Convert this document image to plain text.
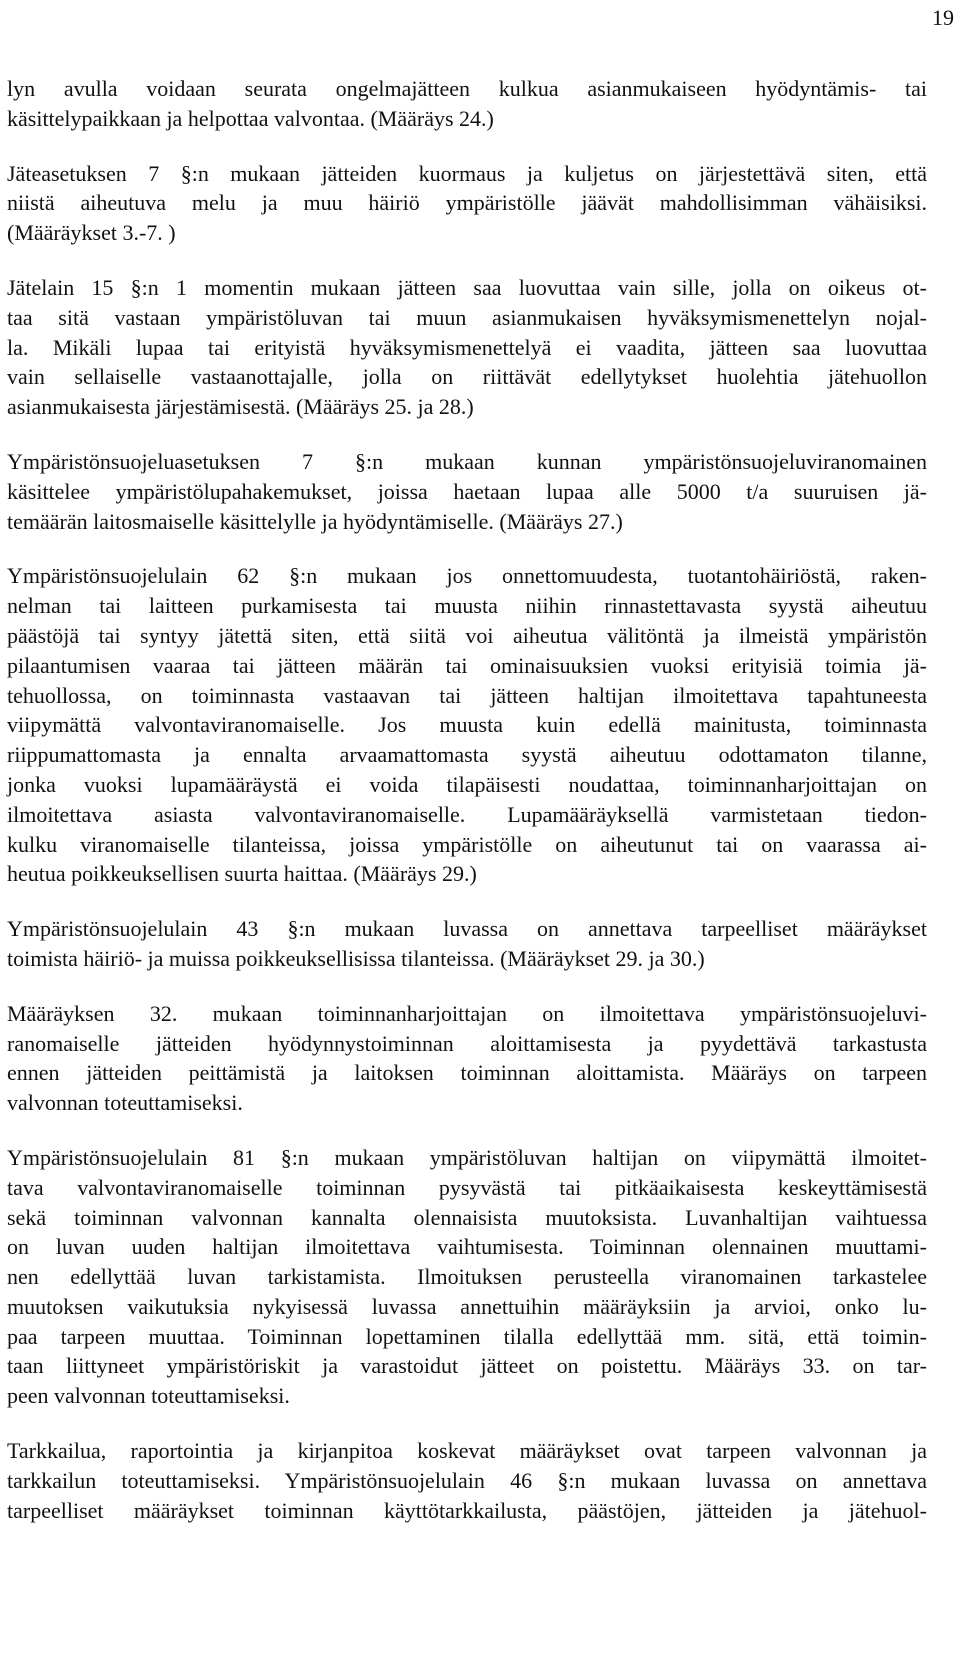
19

lyn avulla voidaan seurata ongelmajätteen kulkua asianmukaiseen hyödyntämis- tai
käsittelypaikkaan ja helpottaa valvontaa. (Määräys 24.)

Jäteasetuksen 7 §:n mukaan jätteiden kuormaus ja kuljetus on järjestettävä siten, että
niistä aiheutuva melu ja muu häiriö ympäristölle jäävät mahdollisimman vähäisiksi.
(Määräykset 3.-7. )

Jätelain 15 §:n 1 momentin mukaan jätteen saa luovuttaa vain sille, jolla on oikeus ot-
taa sitä vastaan ympäristöluvan tai muun asianmukaisen hyväksymismenettelyn nojal-
la. Mikäli lupaa tai erityistä hyväksymismenettelyä ei vaadita, jätteen saa luovuttaa
vain sellaiselle vastaanottajalle, jolla on riittävät edellytykset huolehtia jätehuollon
asianmukaisesta järjestämisestä. (Määräys 25. ja 28.)

Ympäristönsuojeluasetuksen 7 §:n mukaan kunnan ympäristönsuojeluviranomainen
käsittelee ympäristölupahakemukset, joissa haetaan lupaa alle 5000 t/a suuruisen jä-
temäärän laitosmaiselle käsittelylle ja hyödyntämiselle. (Määräys 27.)

Ympäristönsuojelulain 62 §:n mukaan jos onnettomuudesta, tuotantohäiriöstä, raken-
nelman tai laitteen purkamisesta tai muusta niihin rinnastettavasta syystä aiheutuu
päästöjä tai syntyy jätettä siten, että siitä voi aiheutua välitöntä ja ilmeistä ympäristön
pilaantumisen vaaraa tai jätteen määrän tai ominaisuuksien vuoksi erityisiä toimia jä-
tehuollossa, on toiminnasta vastaavan tai jätteen haltijan ilmoitettava tapahtuneesta
viipymättä valvontaviranomaiselle. Jos muusta kuin edellä mainitusta, toiminnasta
riippumattomasta ja ennalta arvaamattomasta syystä aiheutuu odottamaton tilanne,
jonka vuoksi lupamääräystä ei voida tilapäisesti noudattaa, toiminnanharjoittajan on
ilmoitettava asiasta valvontaviranomaiselle. Lupamääräyksellä varmistetaan tiedon-
kulku viranomaiselle tilanteissa, joissa ympäristölle on aiheutunut tai on vaarassa ai-
heutua poikkeuksellisen suurta haittaa. (Määräys 29.)

Ympäristönsuojelulain 43 §:n mukaan luvassa on annettava tarpeelliset määräykset
toimista häiriö- ja muissa poikkeuksellisissa tilanteissa. (Määräykset 29. ja 30.)

Määräyksen 32. mukaan toiminnanharjoittajan on ilmoitettava ympäristönsuojeluvi-
ranomaiselle jätteiden hyödynnystoiminnan aloittamisesta ja pyydettävä tarkastusta
ennen jätteiden peittämistä ja laitoksen toiminnan aloittamista. Määräys on tarpeen
valvonnan toteuttamiseksi.

Ympäristönsuojelulain 81 §:n mukaan ympäristöluvan haltijan on viipymättä ilmoitet-
tava valvontaviranomaiselle toiminnan pysyvästä tai pitkäaikaisesta keskeyttämisestä
sekä toiminnan valvonnan kannalta olennaisista muutoksista. Luvanhaltijan vaihtuessa
on luvan uuden haltijan ilmoitettava vaihtumisesta. Toiminnan olennainen muuttami-
nen edellyttää luvan tarkistamista. Ilmoituksen perusteella viranomainen tarkastelee
muutoksen vaikutuksia nykyisessä luvassa annettuihin määräyksiin ja arvioi, onko lu-
paa tarpeen muuttaa. Toiminnan lopettaminen tilalla edellyttää mm. sitä, että toimin-
taan liittyneet ympäristöriskit ja varastoidut jätteet on poistettu. Määräys 33. on tar-
peen valvonnan toteuttamiseksi.

Tarkkailua, raportointia ja kirjanpitoa koskevat määräykset ovat tarpeen valvonnan ja
tarkkailun toteuttamiseksi. Ympäristönsuojelulain 46 §:n mukaan luvassa on annettava
tarpeelliset määräykset toiminnan käyttötarkkailusta, päästöjen, jätteiden ja jätehuol-
